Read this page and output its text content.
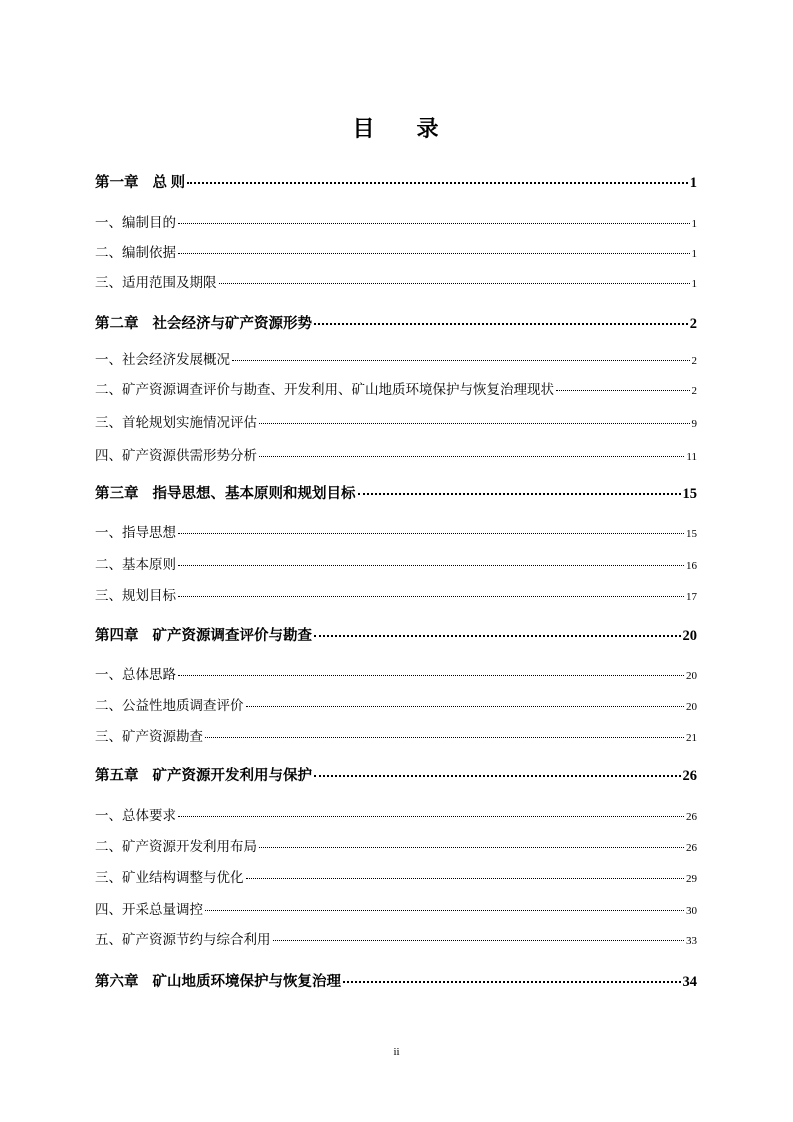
目 录
第一章 总 则	1
一、编制目的	1
二、编制依据	1
三、适用范围及期限	1
第二章 社会经济与矿产资源形势	2
一、社会经济发展概况	2
二、矿产资源调查评价与勘查、开发利用、矿山地质环境保护与恢复治理现状	2
三、首轮规划实施情况评估	9
四、矿产资源供需形势分析	11
第三章 指导思想、基本原则和规划目标	15
一、指导思想	15
二、基本原则	16
三、规划目标	17
第四章 矿产资源调查评价与勘查	20
一、总体思路	20
二、公益性地质调查评价	20
三、矿产资源勘查	21
第五章 矿产资源开发利用与保护	26
一、总体要求	26
二、矿产资源开发利用布局	26
三、矿业结构调整与优化	29
四、开采总量调控	30
五、矿产资源节约与综合利用	33
第六章 矿山地质环境保护与恢复治理	34
ii
